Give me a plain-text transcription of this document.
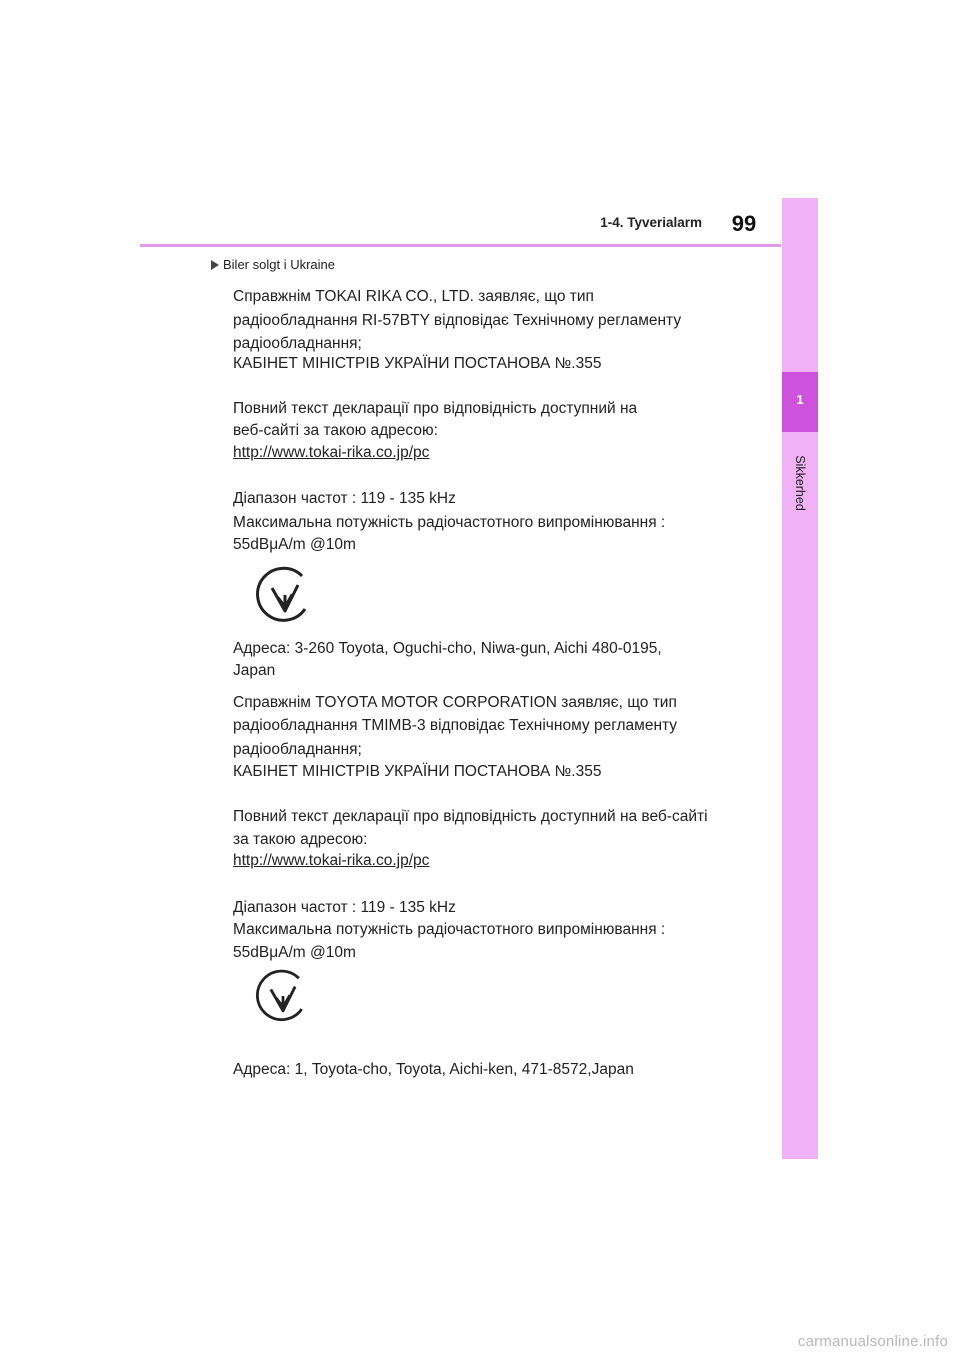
1-4. Tyverialarm	99
1
Sikkerhed
Biler solgt i Ukraine
Справжнім TOKAI RIKA CO., LTD. заявляє, що тип
радіообладнання RI-57BTY відповідає Технічному регламенту
радіообладнання;
КАБІНЕТ МІНІСТРІВ УКРАЇНИ ПОСТАНОВА №.355
Повний текст декларації про відповідність доступний на
веб-сайті за такою адресою:
http://www.tokai-rika.co.jp/pc
Діапазон частот : 119 - 135 kHz
Максимальна потужність радіочастотного випромінювання :
55dBμA/m @10m
Адреса: 3-260 Toyota, Oguchi-cho, Niwa-gun, Aichi 480-0195,
Japan
Справжнім TOYOTA MOTOR CORPORATION заявляє, що тип
радіообладнання TMIMB-3 відповідає Технічному регламенту
радіообладнання;
КАБІНЕТ МІНІСТРІВ УКРАЇНИ ПОСТАНОВА №.355
Повний текст декларації про відповідність доступний на веб-сайті
за такою адресою:
http://www.tokai-rika.co.jp/pc
Діапазон частот : 119 - 135 kHz
Максимальна потужність радіочастотного випромінювання :
55dBμA/m @10m
Адреса: 1, Toyota-cho, Toyota, Aichi-ken, 471-8572,Japan
carmanualsonline.info
